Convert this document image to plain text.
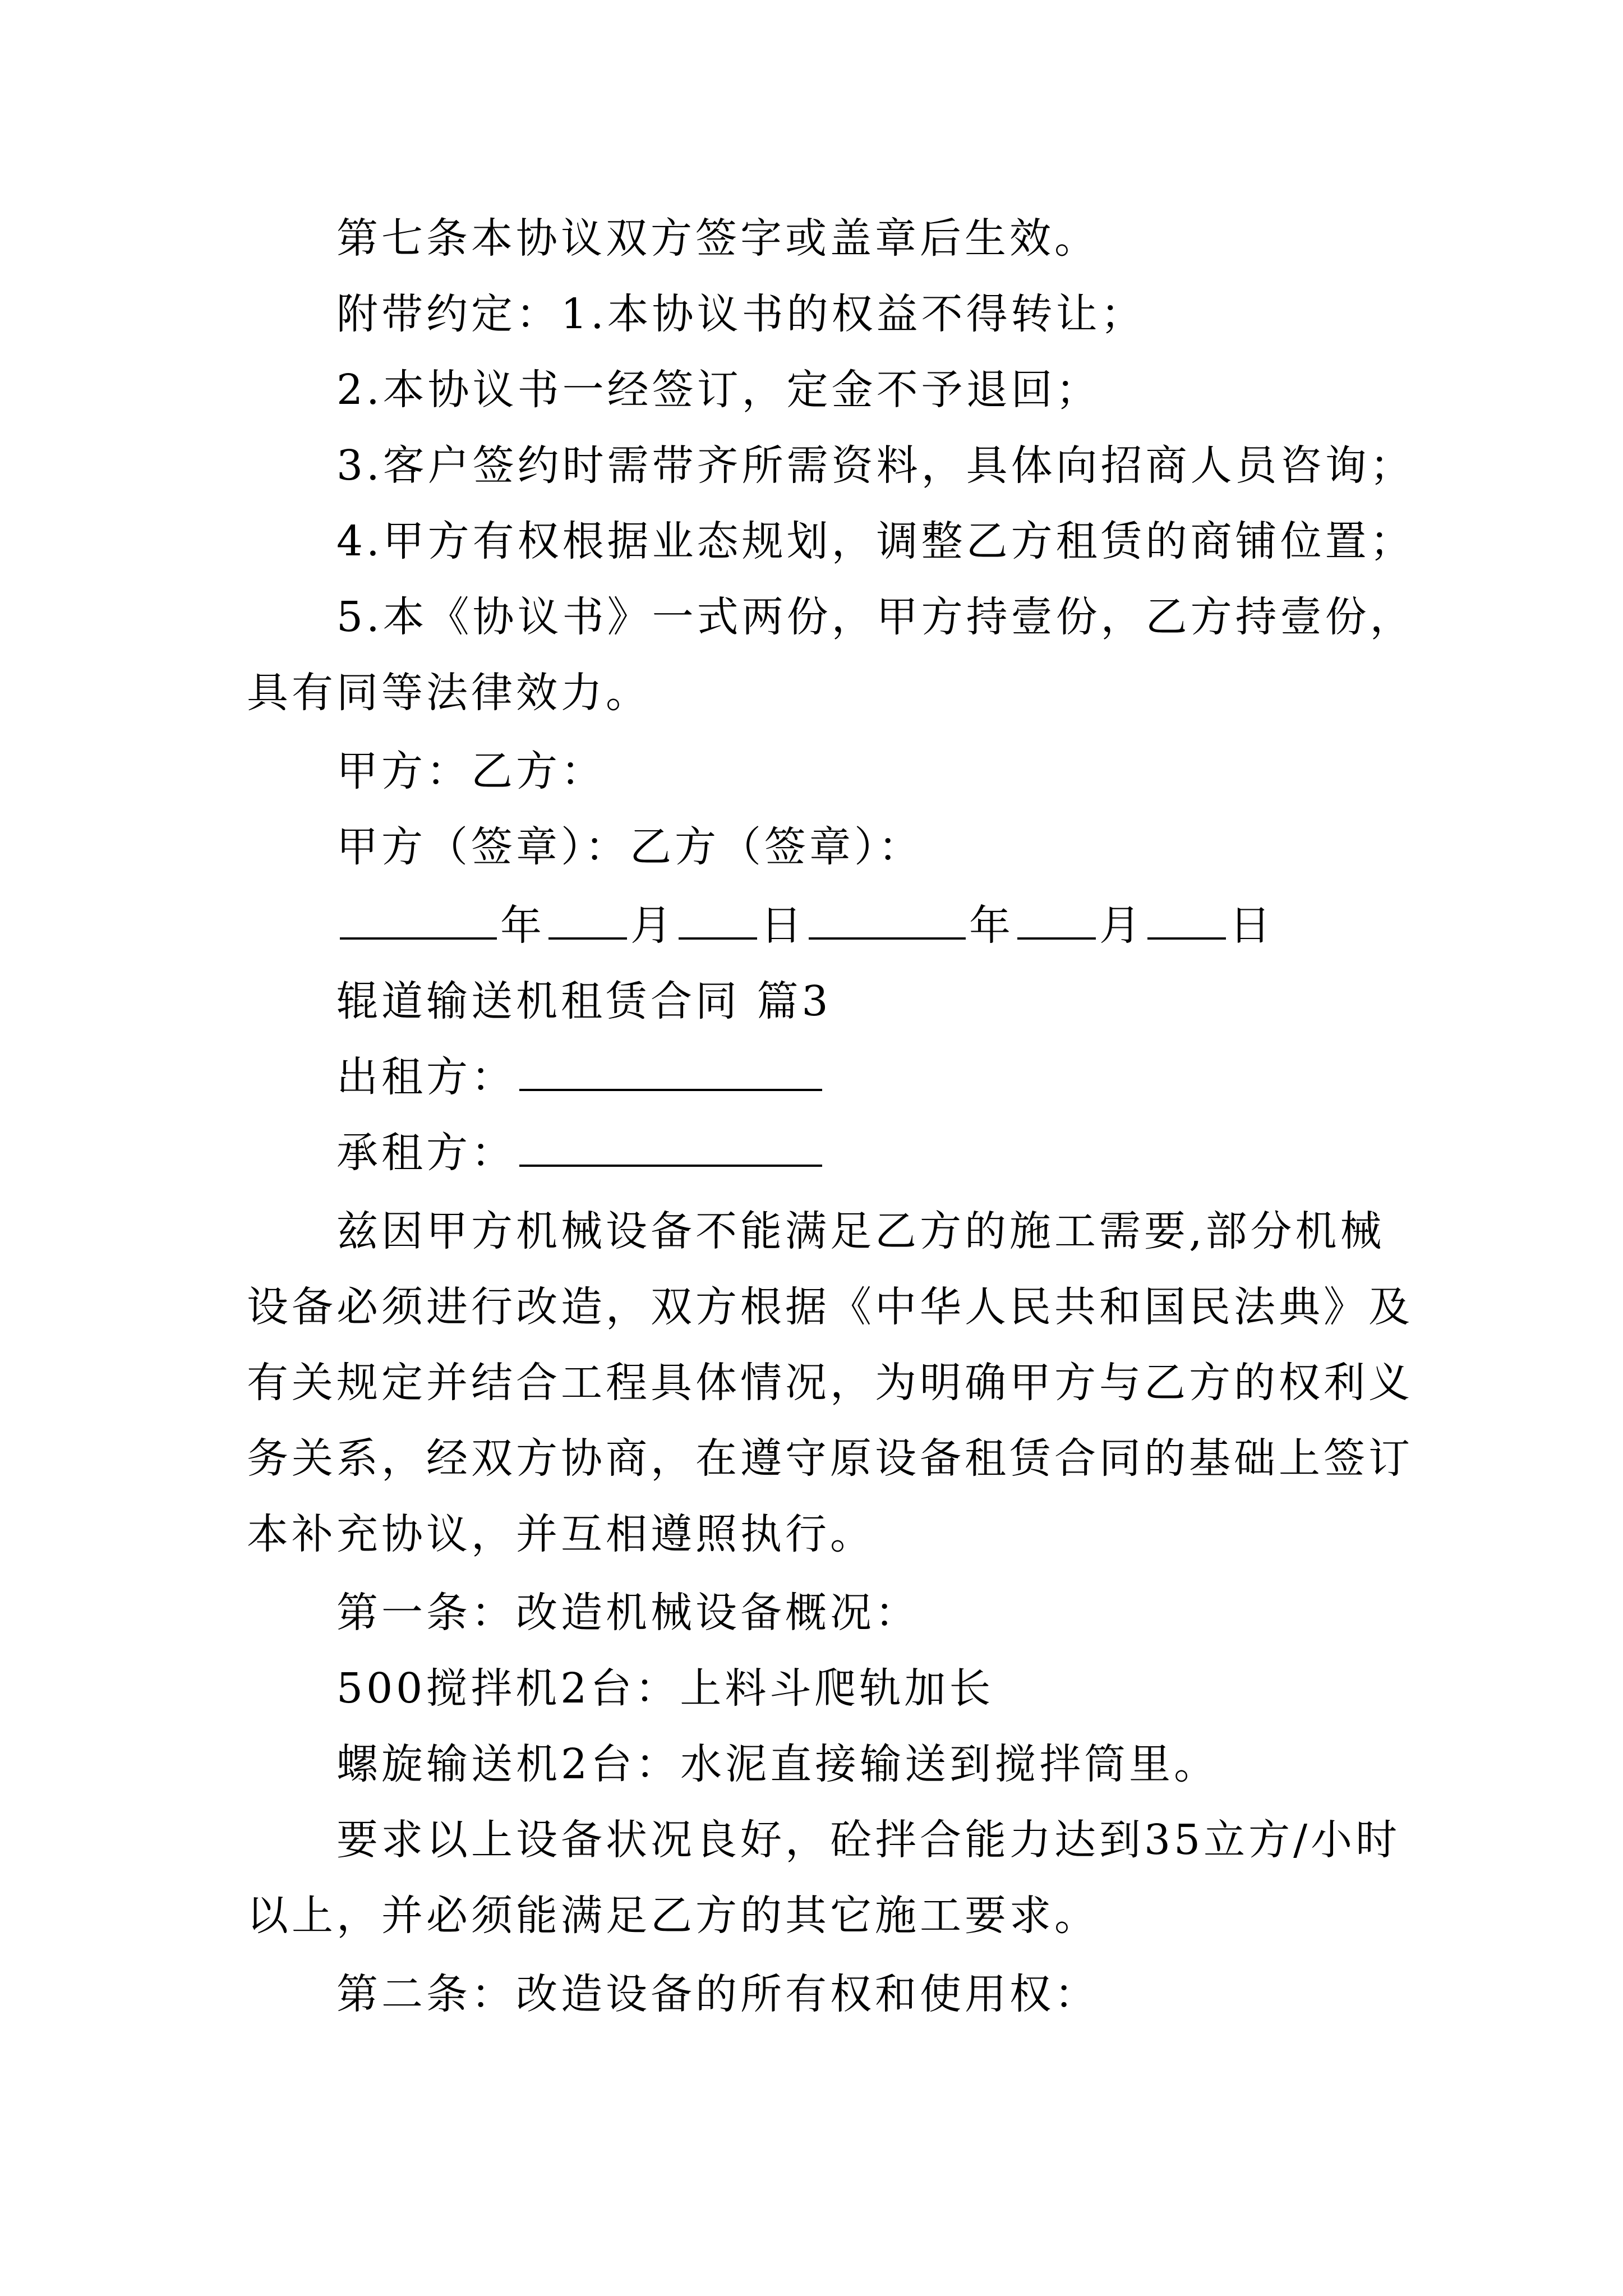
第七条本协议双方签字或盖章后生效。

附带约定：1.本协议书的权益不得转让；

2.本协议书一经签订，定金不予退回；

3.客户签约时需带齐所需资料，具体向招商人员咨询；

4.甲方有权根据业态规划，调整乙方租赁的商铺位置；

5.本《协议书》一式两份，甲方持壹份，乙方持壹份，

具有同等法律效力。

甲方：乙方：

甲方（签章）：乙方（签章）：

年 月 日	年 月 日

辊道输送机租赁合同 篇3

出租方：

承租方：

兹因甲方机械设备不能满足乙方的施工需要,部分机械

设备必须进行改造，双方根据《中华人民共和国民法典》及

有关规定并结合工程具体情况，为明确甲方与乙方的权利义

务关系，经双方协商，在遵守原设备租赁合同的基础上签订

本补充协议，并互相遵照执行。

第一条：改造机械设备概况：

500搅拌机2台：上料斗爬轨加长

螺旋输送机2台：水泥直接输送到搅拌筒里。

要求以上设备状况良好，砼拌合能力达到35立方/小时

以上，并必须能满足乙方的其它施工要求。

第二条：改造设备的所有权和使用权：
